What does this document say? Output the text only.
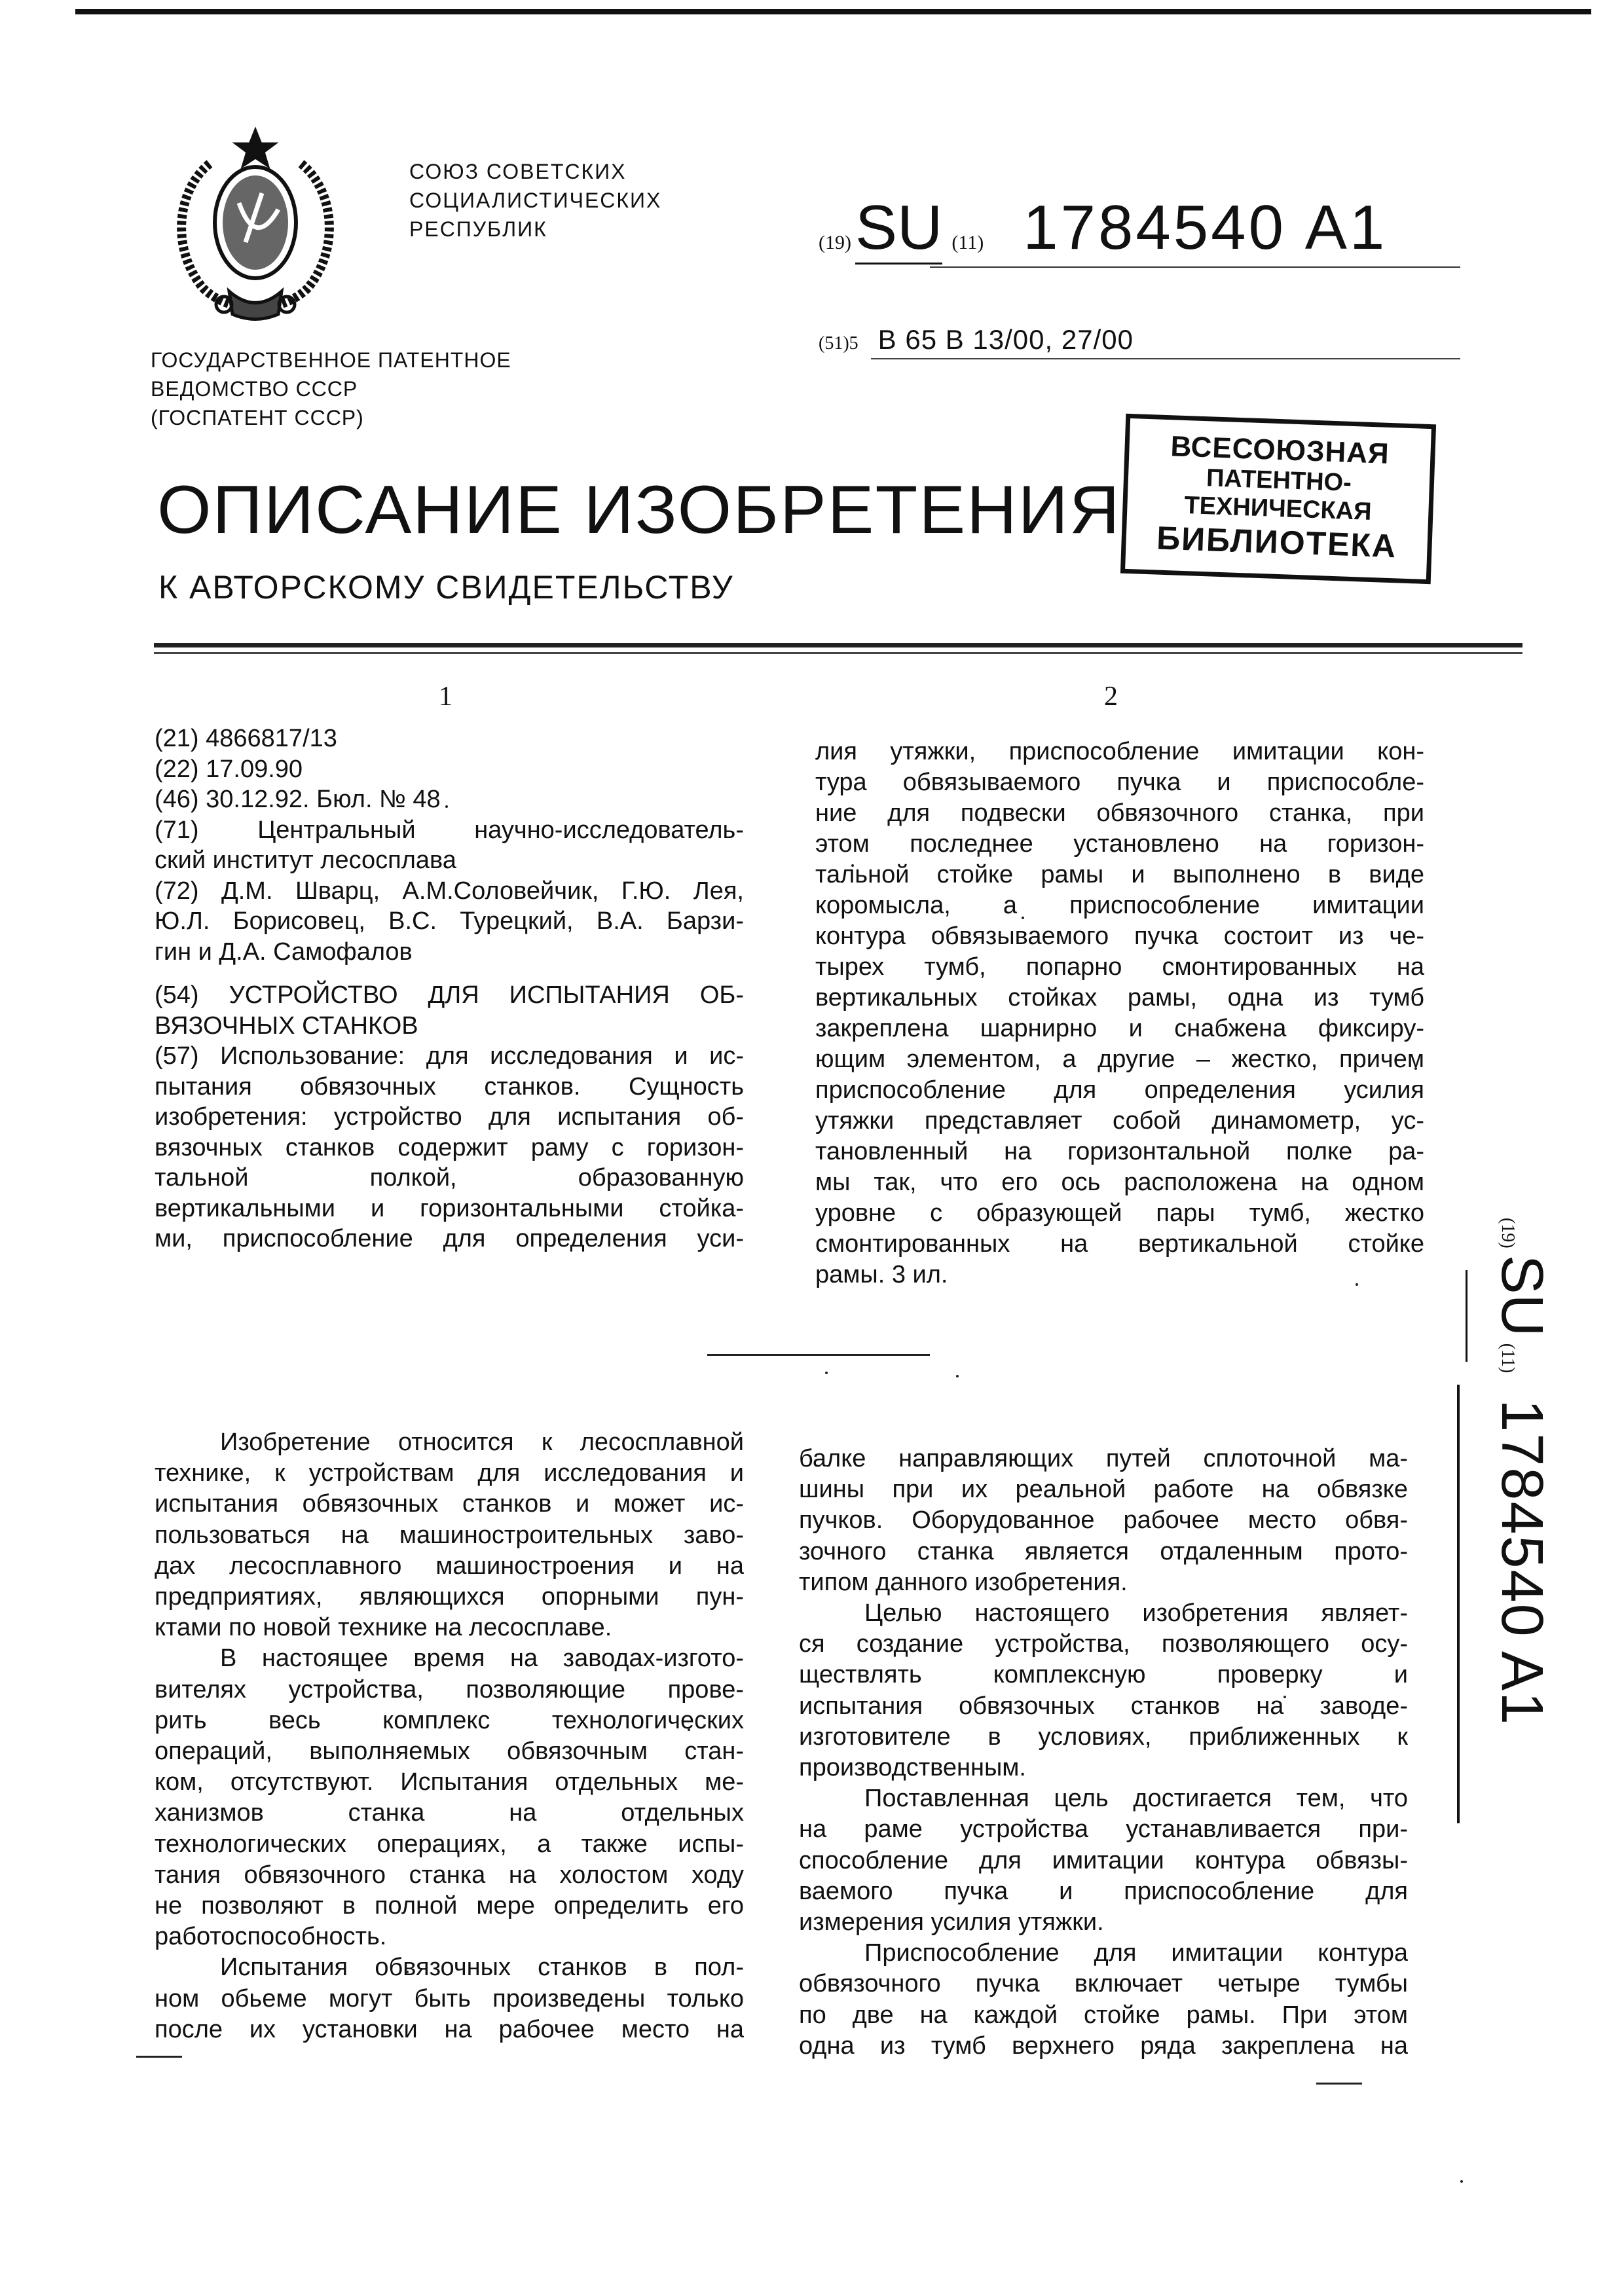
СОЮЗ СОВЕТСКИХ
СОЦИАЛИСТИЧЕСКИХ
РЕСПУБЛИК
(19)SU (11) 1784540 A1
(51)5 B 65 B 13/00, 27/00
ГОСУДАРСТВЕННОЕ ПАТЕНТНОЕ
ВЕДОМСТВО СССР
(ГОСПАТЕНТ СССР)
ОПИСАНИЕ ИЗОБРЕТЕНИЯ
К АВТОРСКОМУ СВИДЕТЕЛЬСТВУ
ВСЕСОЮЗНАЯ
ПАТЕНТНО-ТЕХНИЧЕСКАЯ
БИБЛИОТЕКА
1	2
(21) 4866817/13
(22) 17.09.90
(46) 30.12.92. Бюл. № 48
(71) Центральный научно-исследователь-
ский институт лесосплава
(72) Д.М. Шварц, А.М.Соловейчик, Г.Ю. Лея,
Ю.Л. Борисовец, В.С. Турецкий, В.А. Барзи-
гин и Д.А. Самофалов
(54) УСТРОЙСТВО ДЛЯ ИСПЫТАНИЯ ОБ-
ВЯЗОЧНЫХ СТАНКОВ
(57) Использование: для исследования и ис-
пытания обвязочных станков. Сущность
изобретения: устройство для испытания об-
вязочных станков содержит раму с горизон-
тальной полкой, образованную
вертикальными и горизонтальными стойка-
ми, приспособление для определения уси-
лия утяжки, приспособление имитации кон-
тура обвязываемого пучка и приспособле-
ние для подвески обвязочного станка, при
этом последнее установлено на горизон-
тальной стойке рамы и выполнено в виде
коромысла, а приспособление имитации
контура обвязываемого пучка состоит из че-
тырех тумб, попарно смонтированных на
вертикальных стойках рамы, одна из тумб
закреплена шарнирно и снабжена фиксиру-
ющим элементом, а другие – жестко, причем
приспособление для определения усилия
утяжки представляет собой динамометр, ус-
тановленный на горизонтальной полке ра-
мы так, что его ось расположена на одном
уровне с образующей пары тумб, жестко
смонтированных на вертикальной стойке
рамы. 3 ил.
Изобретение относится к лесосплавной
технике, к устройствам для исследования и
испытания обвязочных станков и может ис-
пользоваться на машиностроительных заво-
дах лесосплавного машиностроения и на
предприятиях, являющихся опорными пун-
ктами по новой технике на лесосплаве.
В настоящее время на заводах-изгото-
вителях устройства, позволяющие прове-
рить весь комплекс технологических
операций, выполняемых обвязочным стан-
ком, отсутствуют. Испытания отдельных ме-
ханизмов станка на отдельных
технологических операциях, а также испы-
тания обвязочного станка на холостом ходу
не позволяют в полной мере определить его
работоспособность.
Испытания обвязочных станков в пол-
ном обьеме могут быть произведены только
после их установки на рабочее место на
балке направляющих путей сплоточной ма-
шины при их реальной работе на обвязке
пучков. Оборудованное рабочее место обвя-
зочного станка является отдаленным прото-
типом данного изобретения.
Целью настоящего изобретения являет-
ся создание устройства, позволяющего осу-
ществлять комплексную проверку и
испытания обвязочных станков на заводе-
изготовителе в условиях, приближенных к
производственным.
Поставленная цель достигается тем, что
на раме устройства устанавливается при-
способление для имитации контура обвязы-
ваемого пучка и приспособление для
измерения усилия утяжки.
Приспособление для имитации контура
обвязочного пучка включает четыре тумбы
по две на каждой стойке рамы. При этом
одна из тумб верхнего ряда закреплена на
(19)SU(11)1784540 A1
